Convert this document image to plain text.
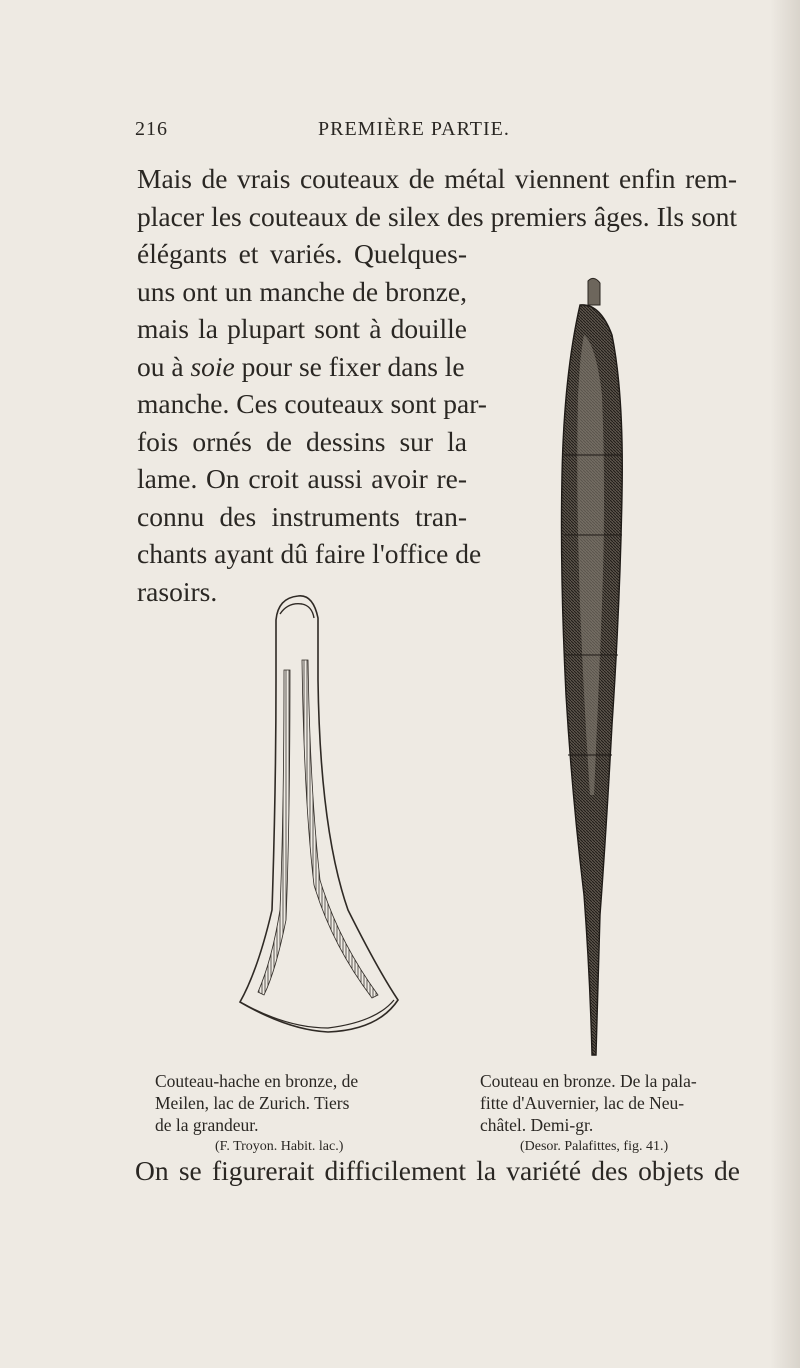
216	PREMIÈRE PARTIE.
Mais de vrais couteaux de métal viennent enfin rem-
placer les couteaux de silex des premiers âges. Ils sont
élégants et variés. Quelques-
uns ont un manche de bronze,
mais la plupart sont à douille
ou à soie pour se fixer dans le
manche. Ces couteaux sont par-
fois ornés de dessins sur la
lame. On croit aussi avoir re-
connu des instruments tran-
chants ayant dû faire l'office de
rasoirs.
Couteau-hache en bronze, de
Meilen, lac de Zurich. Tiers
de la grandeur.
(F. Troyon. Habit. lac.)
Couteau en bronze. De la pala-
fitte d'Auvernier, lac de Neu-
châtel. Demi-gr.
(Desor. Palafittes, fig. 41.)
On se figurerait difficilement la variété des objets de
